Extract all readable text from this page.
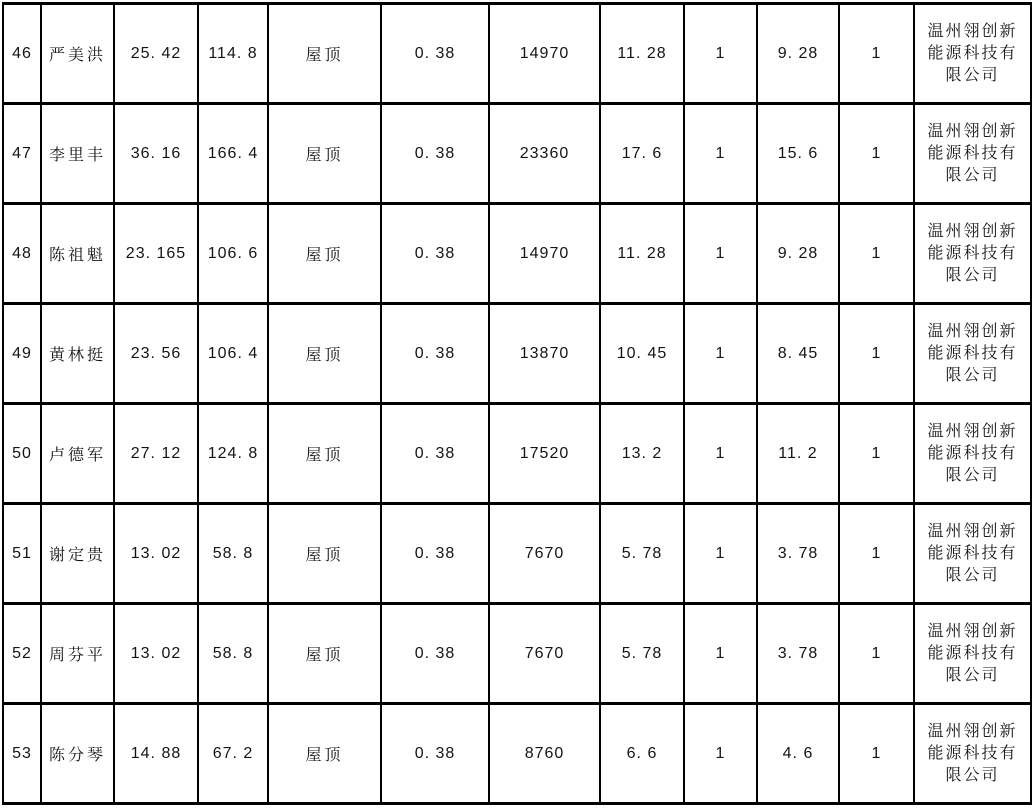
46	严美洪	25. 42	114. 8	屋顶	0. 38	14970	11. 28	1	9. 28	1	温州翎创新能源科技有限公司

47	李里丰	36. 16	166. 4	屋顶	0. 38	23360	17. 6	1	15. 6	1	温州翎创新能源科技有限公司

48	陈祖魁	23. 165	106. 6	屋顶	0. 38	14970	11. 28	1	9. 28	1	温州翎创新能源科技有限公司

49	黄林挺	23. 56	106. 4	屋顶	0. 38	13870	10. 45	1	8. 45	1	温州翎创新能源科技有限公司

50	卢德军	27. 12	124. 8	屋顶	0. 38	17520	13. 2	1	11. 2	1	温州翎创新能源科技有限公司

51	谢定贵	13. 02	58. 8	屋顶	0. 38	7670	5. 78	1	3. 78	1	温州翎创新能源科技有限公司

52	周芬平	13. 02	58. 8	屋顶	0. 38	7670	5. 78	1	3. 78	1	温州翎创新能源科技有限公司

53	陈分琴	14. 88	67. 2	屋顶	0. 38	8760	6. 6	1	4. 6	1	温州翎创新能源科技有限公司
